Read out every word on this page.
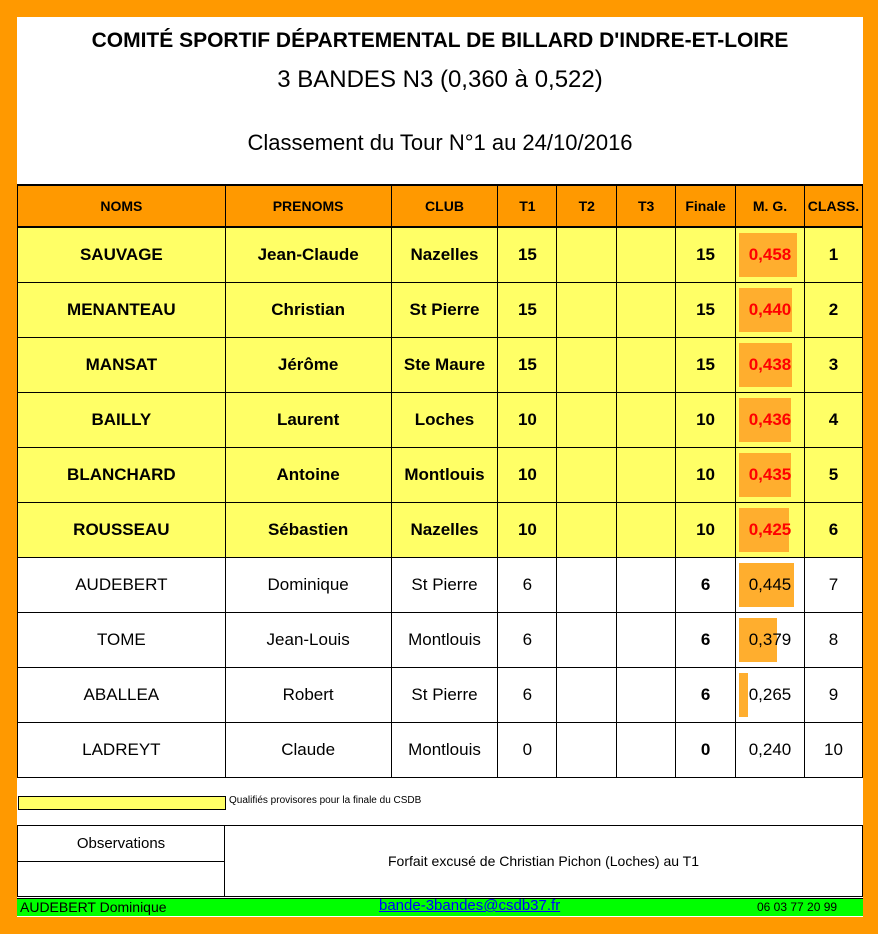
COMITÉ SPORTIF DÉPARTEMENTAL DE BILLARD D'INDRE-ET-LOIRE
3 BANDES N3 (0,360 à 0,522)
Classement du Tour N°1 au 24/10/2016
NOMS	PRENOMS	CLUB	T1	T2	T3	Finale	M. G.	CLASS.
SAUVAGE	Jean-Claude	Nazelles	15			15	0,458	1
MENANTEAU	Christian	St Pierre	15			15	0,440	2
MANSAT	Jérôme	Ste Maure	15			15	0,438	3
BAILLY	Laurent	Loches	10			10	0,436	4
BLANCHARD	Antoine	Montlouis	10			10	0,435	5
ROUSSEAU	Sébastien	Nazelles	10			10	0,425	6
AUDEBERT	Dominique	St Pierre	6			6	0,445	7
TOME	Jean-Louis	Montlouis	6			6	0,379	8
ABALLEA	Robert	St Pierre	6			6	0,265	9
LADREYT	Claude	Montlouis	0			0	0,240	10
Qualifiés provisores pour la finale du CSDB
Observations
Forfait excusé de Christian Pichon (Loches) au T1
AUDEBERT Dominique	bande-3bandes@csdb37.fr	06 03 77 20 99
